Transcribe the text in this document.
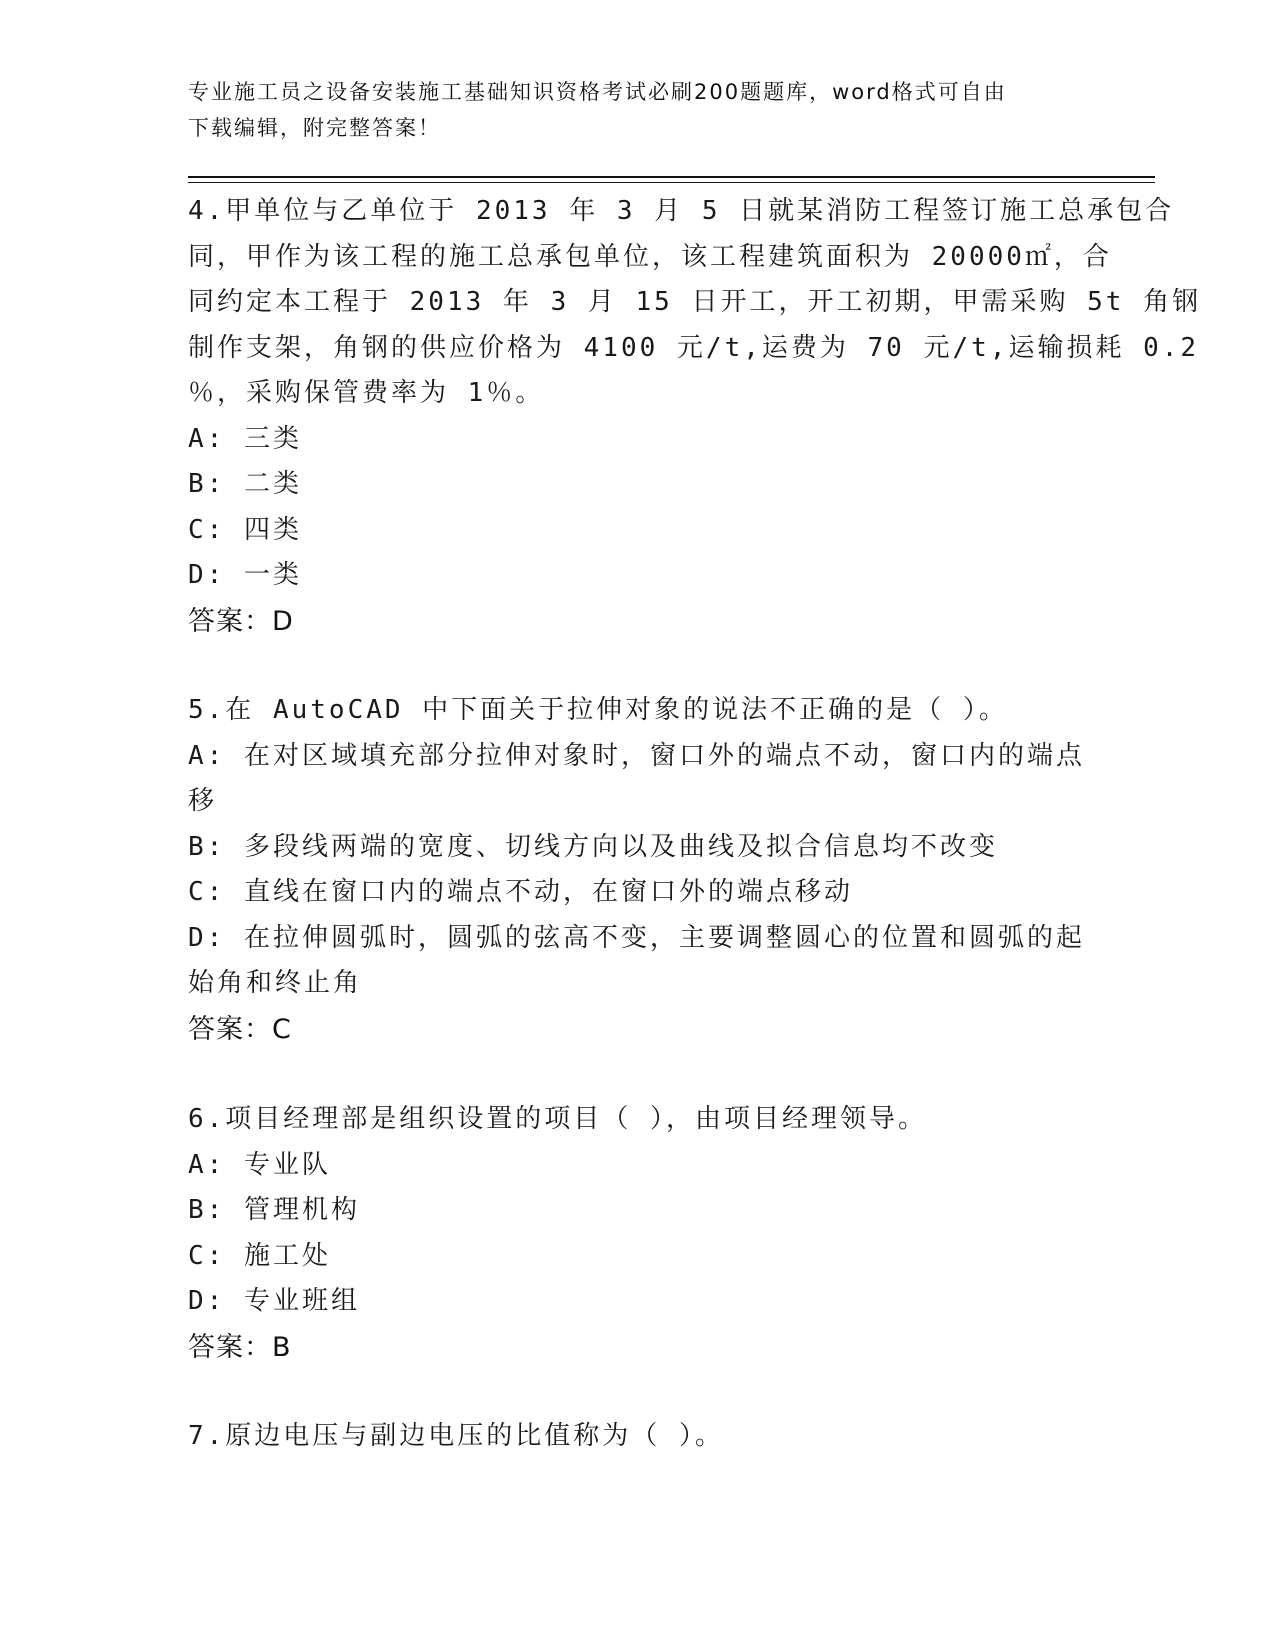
专业施工员之设备安装施工基础知识资格考试必刷200题题库，word格式可自由
下载编辑，附完整答案！
4.甲单位与乙单位于 2013 年 3 月 5 日就某消防工程签订施工总承包合
同，甲作为该工程的施工总承包单位，该工程建筑面积为 20000㎡，合
同约定本工程于 2013 年 3 月 15 日开工，开工初期，甲需采购 5t 角钢
制作支架，角钢的供应价格为 4100 元/t,运费为 70 元/t,运输损耗 0.2
％，采购保管费率为 1％。
A: 三类
B: 二类
C: 四类
D: 一类
答案：D
5.在 AutoCAD 中下面关于拉伸对象的说法不正确的是（ ）。
A: 在对区域填充部分拉伸对象时，窗口外的端点不动，窗口内的端点
移
B: 多段线两端的宽度、切线方向以及曲线及拟合信息均不改变
C: 直线在窗口内的端点不动，在窗口外的端点移动
D: 在拉伸圆弧时，圆弧的弦高不变，主要调整圆心的位置和圆弧的起
始角和终止角
答案：C
6.项目经理部是组织设置的项目（ ），由项目经理领导。
A: 专业队
B: 管理机构
C: 施工处
D: 专业班组
答案：B
7.原边电压与副边电压的比值称为（ ）。
